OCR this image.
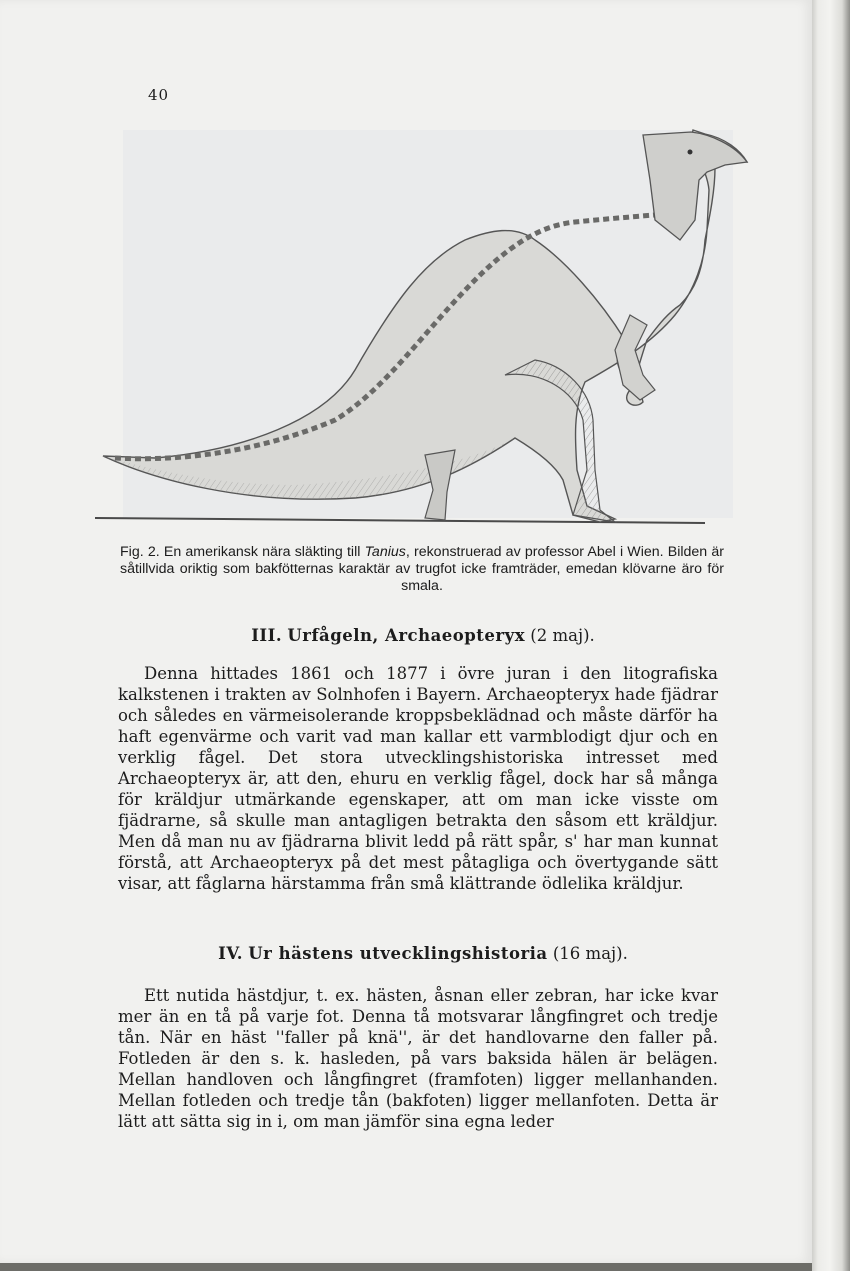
40
Fig. 2. En amerikansk nära släkting till Tanius, rekonstruerad av professor Abel i Wien. Bilden är såtillvida oriktig som bakfötternas karaktär av trugfot icke framträder, emedan klövarne äro för smala.
III. Urfågeln, Archaeopteryx (2 maj).

Denna hittades 1861 och 1877 i övre juran i den litografiska kalkstenen i trakten av Solnhofen i Bayern. Archaeopteryx hade fjädrar och således en värmeisolerande kroppsbeklädnad och måste därför ha haft egenvärme och varit vad man kallar ett varmblodigt djur och en verklig fågel. Det stora utvecklingshistoriska intresset med Archaeopteryx är, att den, ehuru en verklig fågel, dock har så många för kräldjur utmärkande egenskaper, att om man icke visste om fjädrarne, så skulle man antagligen betrakta den såsom ett kräldjur. Men då man nu av fjädrarna blivit ledd på rätt spår, s' har man kunnat förstå, att Archaeopteryx på det mest påtagliga och övertygande sätt visar, att fåglarna härstamma från små klättrande ödlelika kräldjur.

IV. Ur hästens utvecklingshistoria (16 maj).

Ett nutida hästdjur, t. ex. hästen, åsnan eller zebran, har icke kvar mer än en tå på varje fot. Denna tå motsvarar långfingret och tredje tån. När en häst ''faller på knä'', är det handlovarne den faller på. Fotleden är den s. k. hasleden, på vars baksida hälen är belägen. Mellan handloven och långfingret (framfoten) ligger mellanhanden. Mellan fotleden och tredje tån (bakfoten) ligger mellanfoten. Detta är lätt att sätta sig in i, om man jämför sina egna leder
